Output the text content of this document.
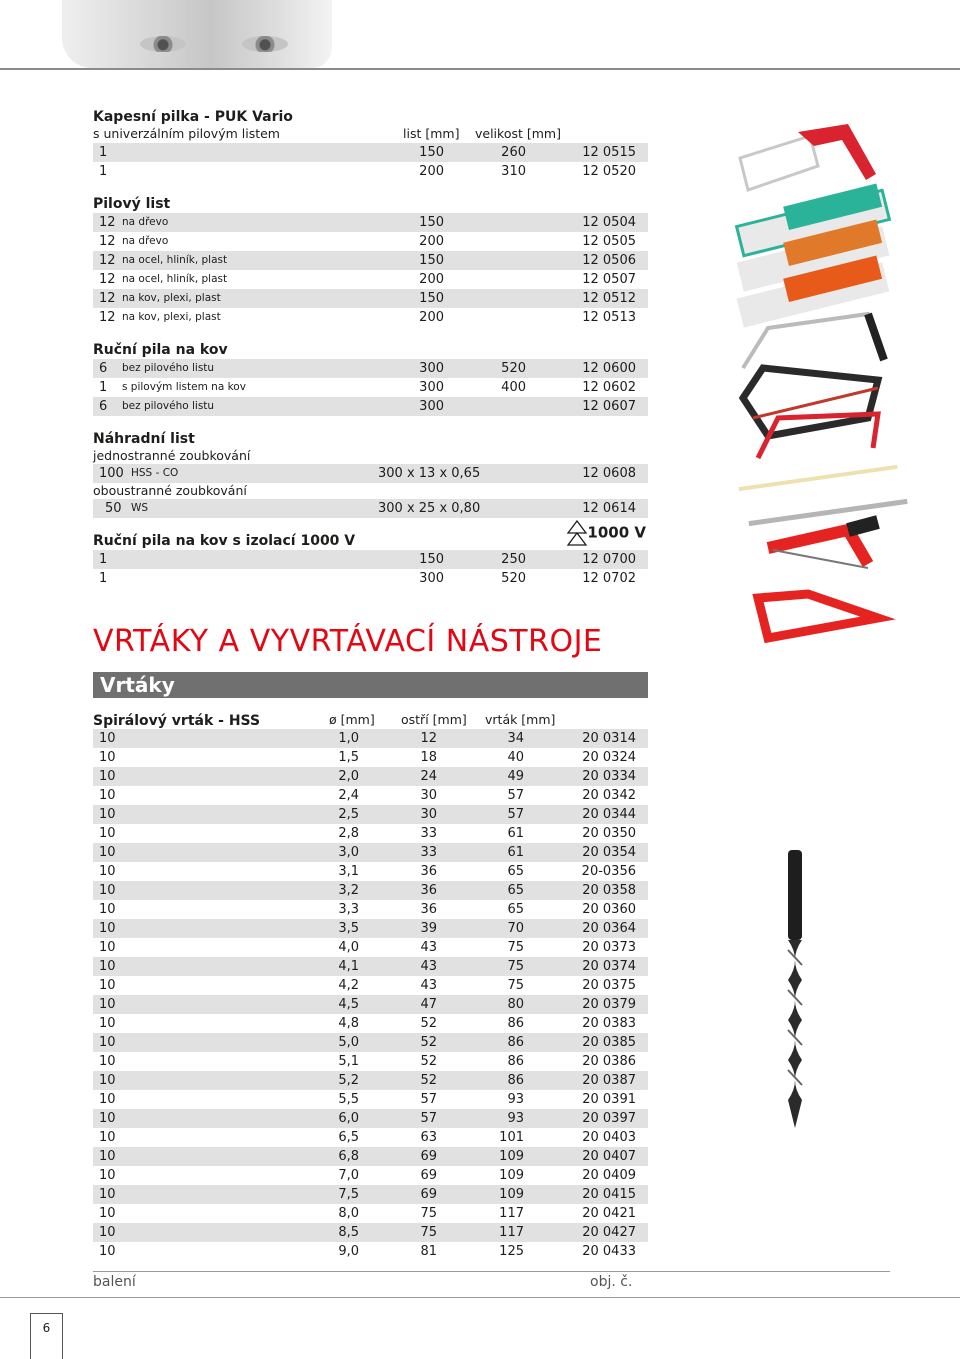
Kapesní pilka - PUK Vario
s univerzálním pilovým listem	list [mm] velikost [mm]
1	150	260	12 0515
1	200	310	12 0520
Pilový list
12 na dřevo	150	12 0504
12 na dřevo	200	12 0505
12 na ocel, hliník, plast	150	12 0506
12 na ocel, hliník, plast	200	12 0507
12 na kov, plexi, plast	150	12 0512
12 na kov, plexi, plast	200	12 0513
Ruční pila na kov
6 bez pilového listu	300	520	12 0600
1 s pilovým listem na kov	300	400	12 0602
6 bez pilového listu	300	12 0607
Náhradní list
jednostranné zoubkování
100 HSS - CO	300 x 13 x 0,65	12 0608
oboustranné zoubkování
50 WS	300 x 25 x 0,80	12 0614
Ruční pila na kov s izolací 1000 V	1000 V
1	150	250	12 0700
1	300	520	12 0702
VRTÁKY A VYVRTÁVACÍ NÁSTROJE
Vrtáky
Spirálový vrták - HSS	ø [mm] ostří [mm] vrták [mm]
10	1,0	12	34	20 0314
10	1,5	18	40	20 0324
10	2,0	24	49	20 0334
10	2,4	30	57	20 0342
10	2,5	30	57	20 0344
10	2,8	33	61	20 0350
10	3,0	33	61	20 0354
10	3,1	36	65	20-0356
10	3,2	36	65	20 0358
10	3,3	36	65	20 0360
10	3,5	39	70	20 0364
10	4,0	43	75	20 0373
10	4,1	43	75	20 0374
10	4,2	43	75	20 0375
10	4,5	47	80	20 0379
10	4,8	52	86	20 0383
10	5,0	52	86	20 0385
10	5,1	52	86	20 0386
10	5,2	52	86	20 0387
10	5,5	57	93	20 0391
10	6,0	57	93	20 0397
10	6,5	63	101	20 0403
10	6,8	69	109	20 0407
10	7,0	69	109	20 0409
10	7,5	69	109	20 0415
10	8,0	75	117	20 0421
10	8,5	75	117	20 0427
10	9,0	81	125	20 0433
balení	obj. č.
6
